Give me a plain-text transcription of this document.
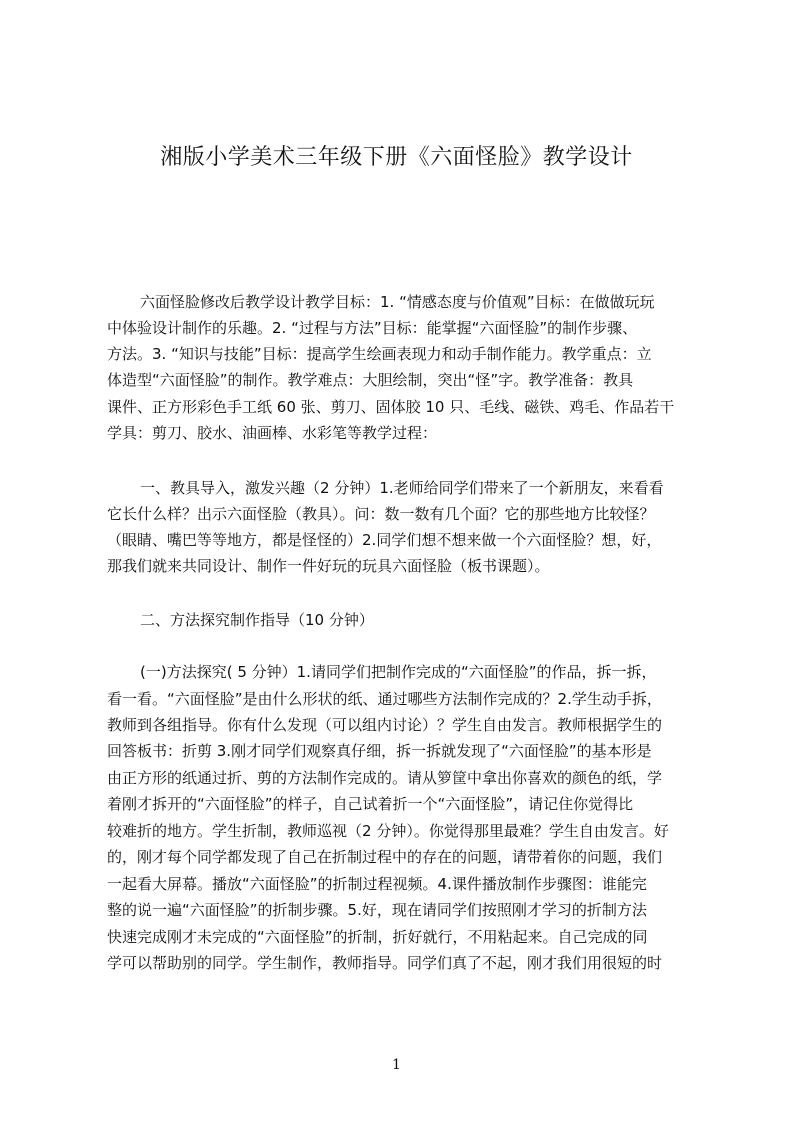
湘版小学美术三年级下册《六面怪脸》教学设计
六面怪脸修改后教学设计教学目标：1. “情感态度与价值观”目标：在做做玩玩
中体验设计制作的乐趣。2. “过程与方法”目标：能掌握“六面怪脸”的制作步骤、
方法。3. “知识与技能”目标：提高学生绘画表现力和动手制作能力。教学重点：立
体造型“六面怪脸”的制作。教学难点：大胆绘制，突出“怪”字。教学准备：教具
课件、正方形彩色手工纸 60 张、剪刀、固体胶 10 只、毛线、磁铁、鸡毛、作品若干
学具：剪刀、胶水、油画棒、水彩笔等教学过程：
一、教具导入，激发兴趣（2 分钟）1.老师给同学们带来了一个新朋友，来看看
它长什么样？出示六面怪脸（教具）。问：数一数有几个面？它的那些地方比较怪？
（眼睛、嘴巴等等地方，都是怪怪的）2.同学们想不想来做一个六面怪脸？想，好，
那我们就来共同设计、制作一件好玩的玩具六面怪脸（板书课题）。
二、方法探究制作指导（10 分钟）
(一)方法探究( 5 分钟）1.请同学们把制作完成的“六面怪脸”的作品，拆一拆，
看一看。“六面怪脸”是由什么形状的纸、通过哪些方法制作完成的？2.学生动手拆，
教师到各组指导。你有什么发现（可以组内讨论）？学生自由发言。教师根据学生的
回答板书：折剪 3.刚才同学们观察真仔细，拆一拆就发现了“六面怪脸”的基本形是
由正方形的纸通过折、剪的方法制作完成的。请从箩筐中拿出你喜欢的颜色的纸，学
着刚才拆开的“六面怪脸”的样子，自己试着折一个“六面怪脸”，请记住你觉得比
较难折的地方。学生折制，教师巡视（2 分钟）。你觉得那里最难？学生自由发言。好
的，刚才每个同学都发现了自己在折制过程中的存在的问题，请带着你的问题，我们
一起看大屏幕。播放“六面怪脸”的折制过程视频。4.课件播放制作步骤图：谁能完
整的说一遍“六面怪脸”的折制步骤。5.好，现在请同学们按照刚才学习的折制方法
快速完成刚才未完成的“六面怪脸”的折制，折好就行，不用粘起来。自己完成的同
学可以帮助别的同学。学生制作，教师指导。同学们真了不起，刚才我们用很短的时
1
